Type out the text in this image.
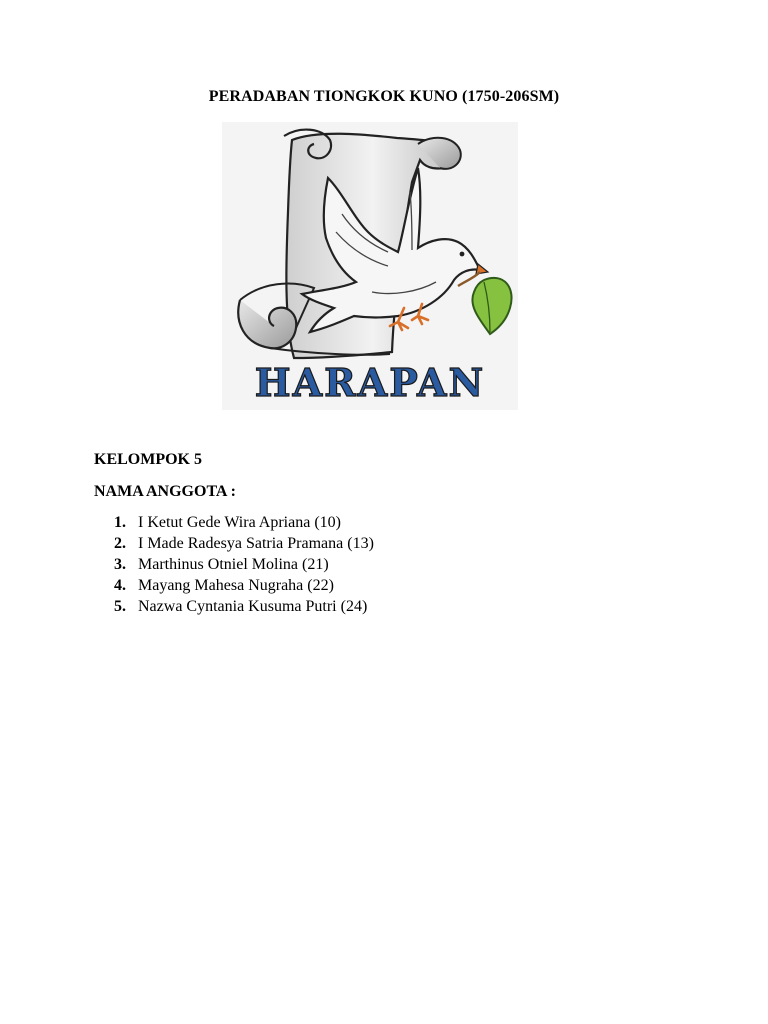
PERADABAN TIONGKOK KUNO (1750-206SM)
HARAPAN
KELOMPOK 5
NAMA ANGGOTA :
1. I Ketut Gede Wira Apriana (10)
2. I Made Radesya Satria Pramana (13)
3. Marthinus Otniel Molina (21)
4. Mayang Mahesa Nugraha (22)
5. Nazwa Cyntania Kusuma Putri (24)
